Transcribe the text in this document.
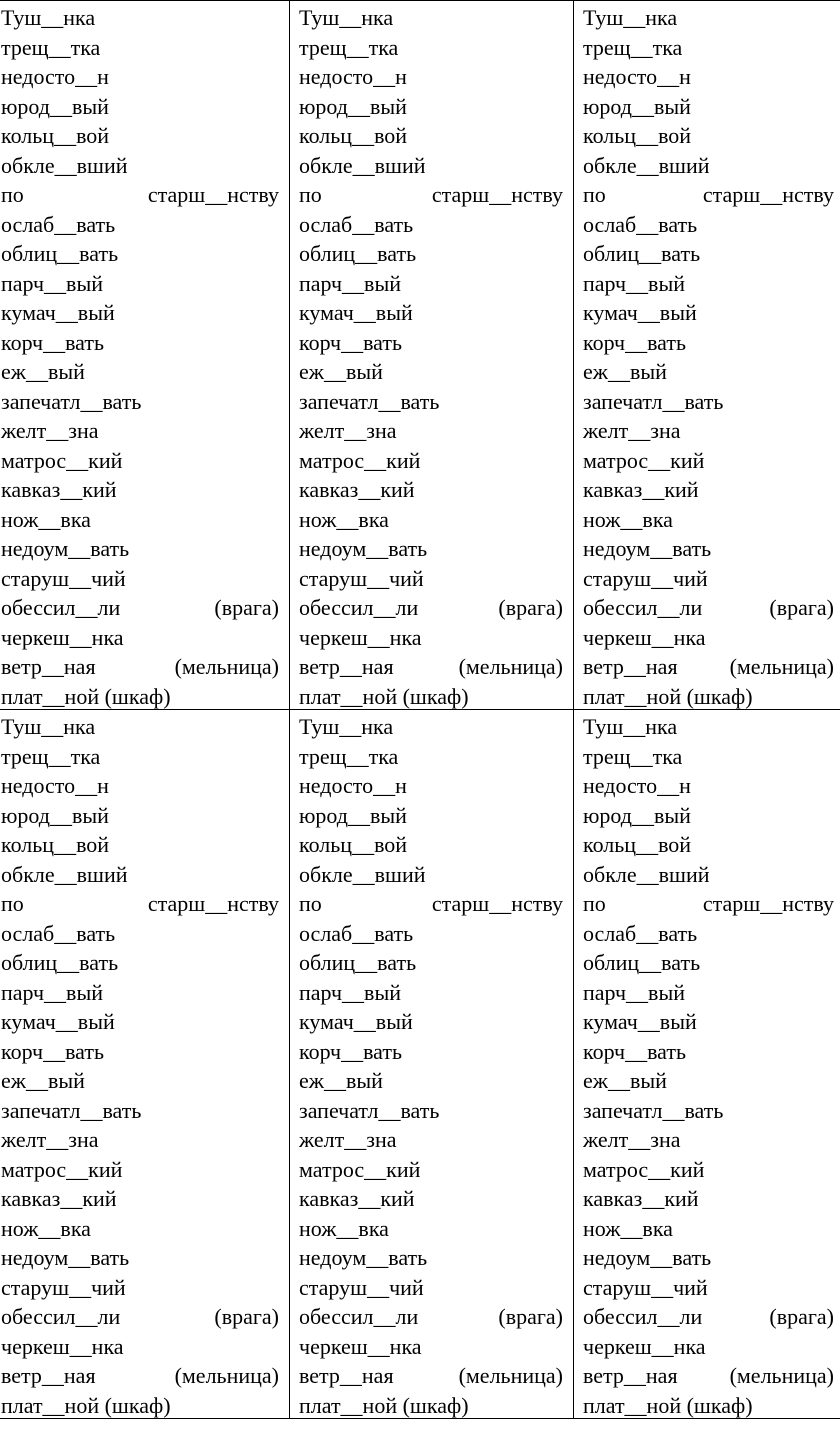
Туш__нка
трещ__тка
недосто__н
юрод__вый
кольц__вой
обкле__вший
по	старш__нству
ослаб__вать
облиц__вать
парч__вый
кумач__вый
корч__вать
еж__вый
запечатл__вать
желт__зна
матрос__кий
кавказ__кий
нож__вка
недоум__вать
старуш__чий
обессил__ли	(врага)
черкеш__нка
ветр__ная	(мельница)
плат__ной (шкаф)
Туш__нка
трещ__тка
недосто__н
юрод__вый
кольц__вой
обкле__вший
по	старш__нству
ослаб__вать
облиц__вать
парч__вый
кумач__вый
корч__вать
еж__вый
запечатл__вать
желт__зна
матрос__кий
кавказ__кий
нож__вка
недоум__вать
старуш__чий
обессил__ли	(врага)
черкеш__нка
ветр__ная	(мельница)
плат__ной (шкаф)
Туш__нка
трещ__тка
недосто__н
юрод__вый
кольц__вой
обкле__вший
по	старш__нству
ослаб__вать
облиц__вать
парч__вый
кумач__вый
корч__вать
еж__вый
запечатл__вать
желт__зна
матрос__кий
кавказ__кий
нож__вка
недоум__вать
старуш__чий
обессил__ли	(врага)
черкеш__нка
ветр__ная (мельница)
плат__ной (шкаф)
Туш__нка
трещ__тка
недосто__н
юрод__вый
кольц__вой
обкле__вший
по	старш__нству
ослаб__вать
облиц__вать
парч__вый
кумач__вый
корч__вать
еж__вый
запечатл__вать
желт__зна
матрос__кий
кавказ__кий
нож__вка
недоум__вать
старуш__чий
обессил__ли	(врага)
черкеш__нка
ветр__ная	(мельница)
плат__ной (шкаф)
Туш__нка
трещ__тка
недосто__н
юрод__вый
кольц__вой
обкле__вший
по	старш__нству
ослаб__вать
облиц__вать
парч__вый
кумач__вый
корч__вать
еж__вый
запечатл__вать
желт__зна
матрос__кий
кавказ__кий
нож__вка
недоум__вать
старуш__чий
обессил__ли	(врага)
черкеш__нка
ветр__ная	(мельница)
плат__ной (шкаф)
Туш__нка
трещ__тка
недосто__н
юрод__вый
кольц__вой
обкле__вший
по	старш__нству
ослаб__вать
облиц__вать
парч__вый
кумач__вый
корч__вать
еж__вый
запечатл__вать
желт__зна
матрос__кий
кавказ__кий
нож__вка
недоум__вать
старуш__чий
обессил__ли	(врага)
черкеш__нка
ветр__ная (мельница)
плат__ной (шкаф)
